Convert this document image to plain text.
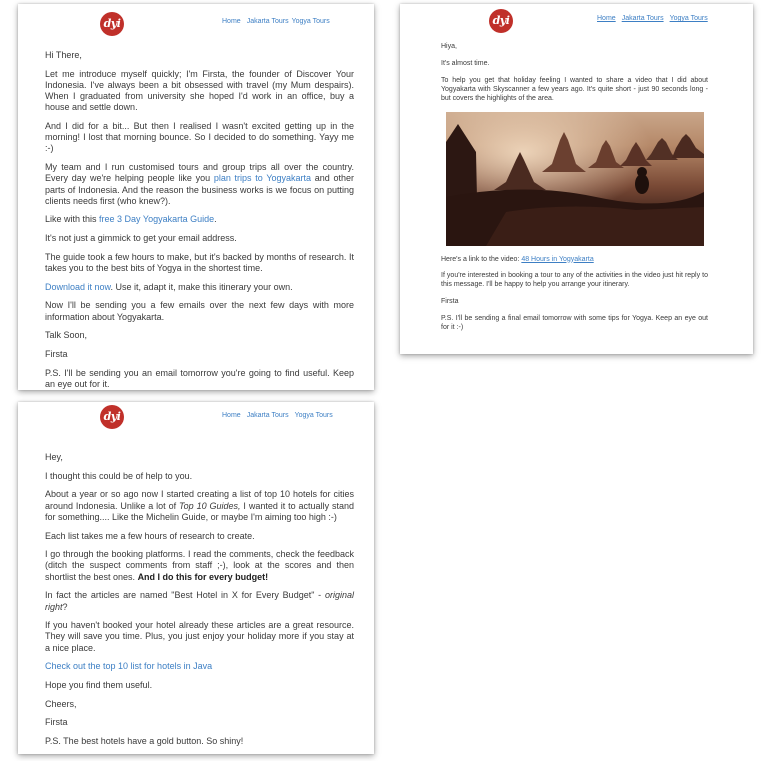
dyi	Home Jakarta Tours Yogya Tours

Hi There,

Let me introduce myself quickly; I'm Firsta, the founder of Discover Your Indonesia. I've always been a bit obsessed with travel (my Mum despairs). When I graduated from university she hoped I'd work in an office, buy a house and settle down.

And I did for a bit... But then I realised I wasn't excited getting up in the morning! I lost that morning bounce. So I decided to do something. Yayy me :-)

My team and I run customised tours and group trips all over the country. Every day we're helping people like you plan trips to Yogyakarta and other parts of Indonesia. And the reason the business works is we focus on putting clients needs first (who knew?).

Like with this free 3 Day Yogyakarta Guide.

It's not just a gimmick to get your email address.

The guide took a few hours to make, but it's backed by months of research. It takes you to the best bits of Yogya in the shortest time.

Download it now. Use it, adapt it, make this itinerary your own.

Now I'll be sending you a few emails over the next few days with more information about Yogyakarta.

Talk Soon,

Firsta

P.S. I'll be sending you an email tomorrow you're going to find useful. Keep an eye out for it.

dyi	Home Jakarta Tours Yogya Tours

Hiya,

It's almost time.

To help you get that holiday feeling I wanted to share a video that I did about Yogyakarta with Skyscanner a few years ago. It's quite short - just 90 seconds long - but covers the highlights of the area.

Here's a link to the video: 48 Hours in Yogyakarta

If you're interested in booking a tour to any of the activities in the video just hit reply to this message. I'll be happy to help you arrange your itinerary.

Firsta

P.S. I'll be sending a final email tomorrow with some tips for Yogya. Keep an eye out for it :-)

dyi	Home Jakarta Tours Yogya Tours

Hey,

I thought this could be of help to you.

About a year or so ago now I started creating a list of top 10 hotels for cities around Indonesia. Unlike a lot of Top 10 Guides, I wanted it to actually stand for something.... Like the Michelin Guide, or maybe I'm aiming too high :-)

Each list takes me a few hours of research to create.

I go through the booking platforms. I read the comments, check the feedback (ditch the suspect comments from staff ;-), look at the scores and then shortlist the best ones. And I do this for every budget!

In fact the articles are named "Best Hotel in X for Every Budget" - original right?

If you haven't booked your hotel already these articles are a great resource. They will save you time. Plus, you just enjoy your holiday more if you stay at a nice place.

Check out the top 10 list for hotels in Java

Hope you find them useful.

Cheers,

Firsta

P.S. The best hotels have a gold button. So shiny!
